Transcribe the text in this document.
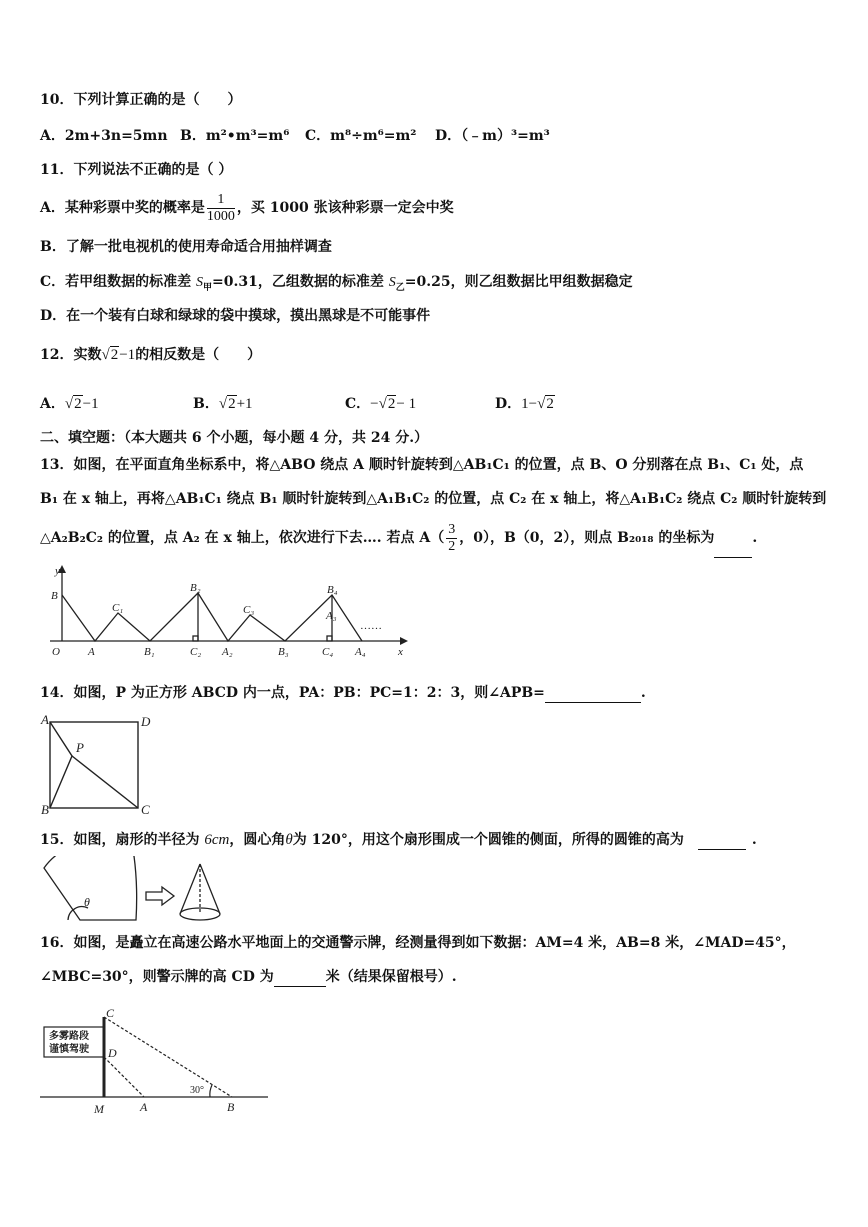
10．下列计算正确的是（　　）
A．2m+3n=5mn B．m²•m³=m⁶ C．m⁸÷m⁶=m² D．（﹣m）³=m³
11．下列说法不正确的是（ ）
A．某种彩票中奖的概率是 $\frac{1}{1000}$ ，买 1000 张该种彩票一定会中奖
B．了解一批电视机的使用寿命适合用抽样调查
C．若甲组数据的标准差 $S_甲=0.31$，乙组数据的标准差 $S_乙=0.25$，则乙组数据比甲组数据稳定
D．在一个装有白球和绿球的袋中摸球，摸出黑球是不可能事件
12．实数√2−1的相反数是（　　）
A．√2−1	B．√2+1	C．−√2− 1	D．1−√2
二、填空题：（本大题共 6 个小题，每小题 4 分，共 24 分.）
13．如图，在平面直角坐标系中，将△ABO 绕点 A 顺时针旋转到△AB₁C₁ 的位置，点 B、O 分别落在点 B₁、C₁ 处，点
B₁ 在 x 轴上，再将△AB₁C₁ 绕点 B₁ 顺时针旋转到△A₁B₁C₂ 的位置，点 C₂ 在 x 轴上，将△A₁B₁C₂ 绕点 C₂ 顺时针旋转到
△A₂B₂C₂ 的位置，点 A₂ 在 x 轴上，依次进行下去…. 若点 $A( \frac{3}{2}$ ，0），B（0，2），则点 B₂₀₁₈ 的坐标为	.
y
B
O	A
C₁
B₁
B₂
C₂ A₂
C₃
B₃
B₄
A₃
C₄ A₄	x
……
14．如图，P 为正方形 ABCD 内一点，PA：PB：PC=1：2：3，则∠APB=	.
A	D
P
B	C
15．如图，扇形的半径为 6cm，圆心角θ为 120°，用这个扇形围成一个圆锥的侧面，所得的圆锥的高为	.
θ
16．如图，是矗立在高速公路水平地面上的交通警示牌，经测量得到如下数据：AM=4 米，AB=8 米，∠MAD=45°，
∠MBC=30°，则警示牌的高 CD 为	米（结果保留根号）.
多雾路段
谨慎驾驶
C
D
M	A	B
30°
